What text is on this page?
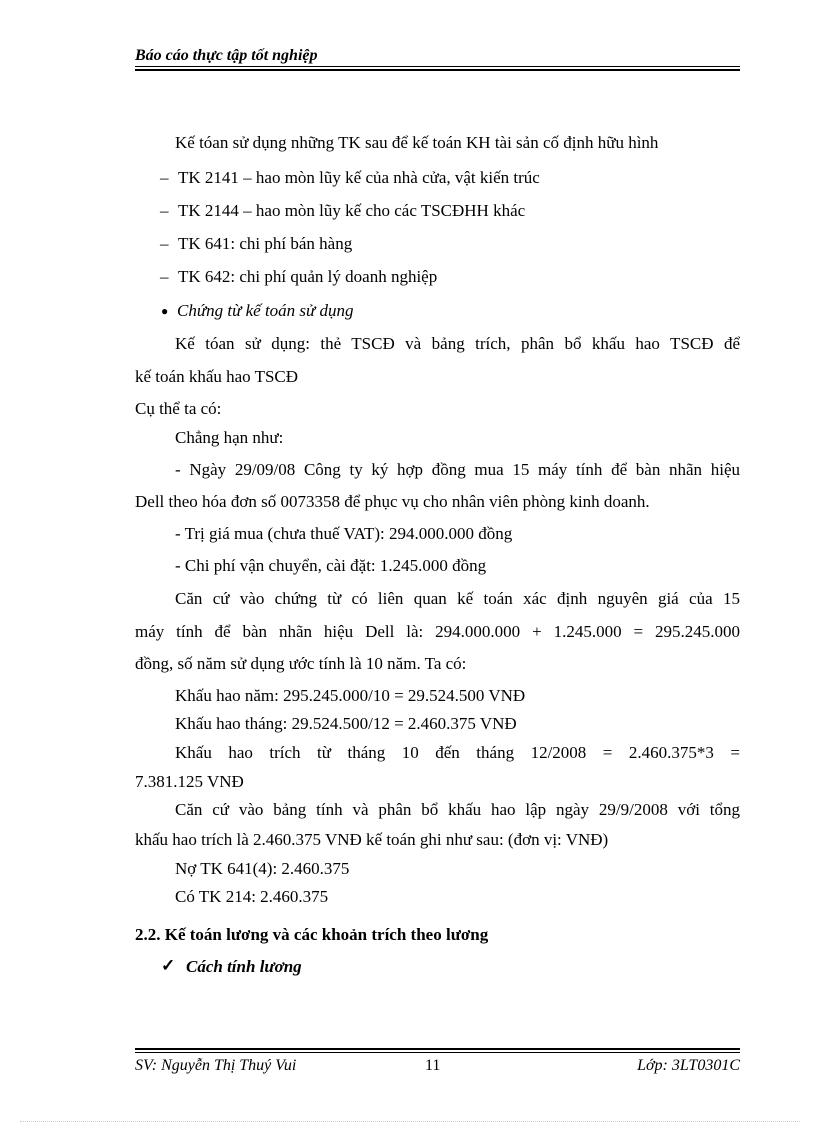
Báo cáo thực tập tốt nghiệp
Kế tóan sử dụng những TK sau để kế toán KH tài sản cố định hữu hình
– TK 2141 – hao mòn lũy kế của nhà cửa, vật kiến trúc
– TK 2144 – hao mòn lũy kế cho các TSCĐHH khác
– TK 641: chi phí bán hàng
– TK 642: chi phí quản lý doanh nghiệp
● Chứng từ kế toán sử dụng
Kế tóan sử dụng: thẻ TSCĐ và bảng trích, phân bổ khấu hao TSCĐ để
kế toán khấu hao TSCĐ
Cụ thể ta có:
Chẳng hạn như:
- Ngày 29/09/08 Công ty ký hợp đồng mua 15 máy tính để bàn nhãn hiệu
Dell theo hóa đơn số 0073358 để phục vụ cho nhân viên phòng kinh doanh.
- Trị giá mua (chưa thuế VAT): 294.000.000 đồng
- Chi phí vận chuyển, cài đặt: 1.245.000 đồng
Căn cứ vào chứng từ có liên quan kế toán xác định nguyên giá của 15
máy tính để bàn nhãn hiệu Dell là: 294.000.000 + 1.245.000 = 295.245.000
đồng, số năm sử dụng ước tính là 10 năm. Ta có:
Khấu hao năm: 295.245.000/10 = 29.524.500 VNĐ
Khấu hao tháng: 29.524.500/12 = 2.460.375 VNĐ
Khấu hao trích từ tháng 10 đến tháng 12/2008 = 2.460.375*3 =
7.381.125 VNĐ
Căn cứ vào bảng tính và phân bổ khấu hao lập ngày 29/9/2008 với tổng
khấu hao trích là 2.460.375 VNĐ kế toán ghi như sau: (đơn vị: VNĐ)
Nợ TK 641(4): 2.460.375
Có TK 214: 2.460.375
2.2. Kế toán lương và các khoản trích theo lương
✓ Cách tính lương
SV: Nguyễn Thị Thuý Vui	11	Lớp: 3LT0301C
